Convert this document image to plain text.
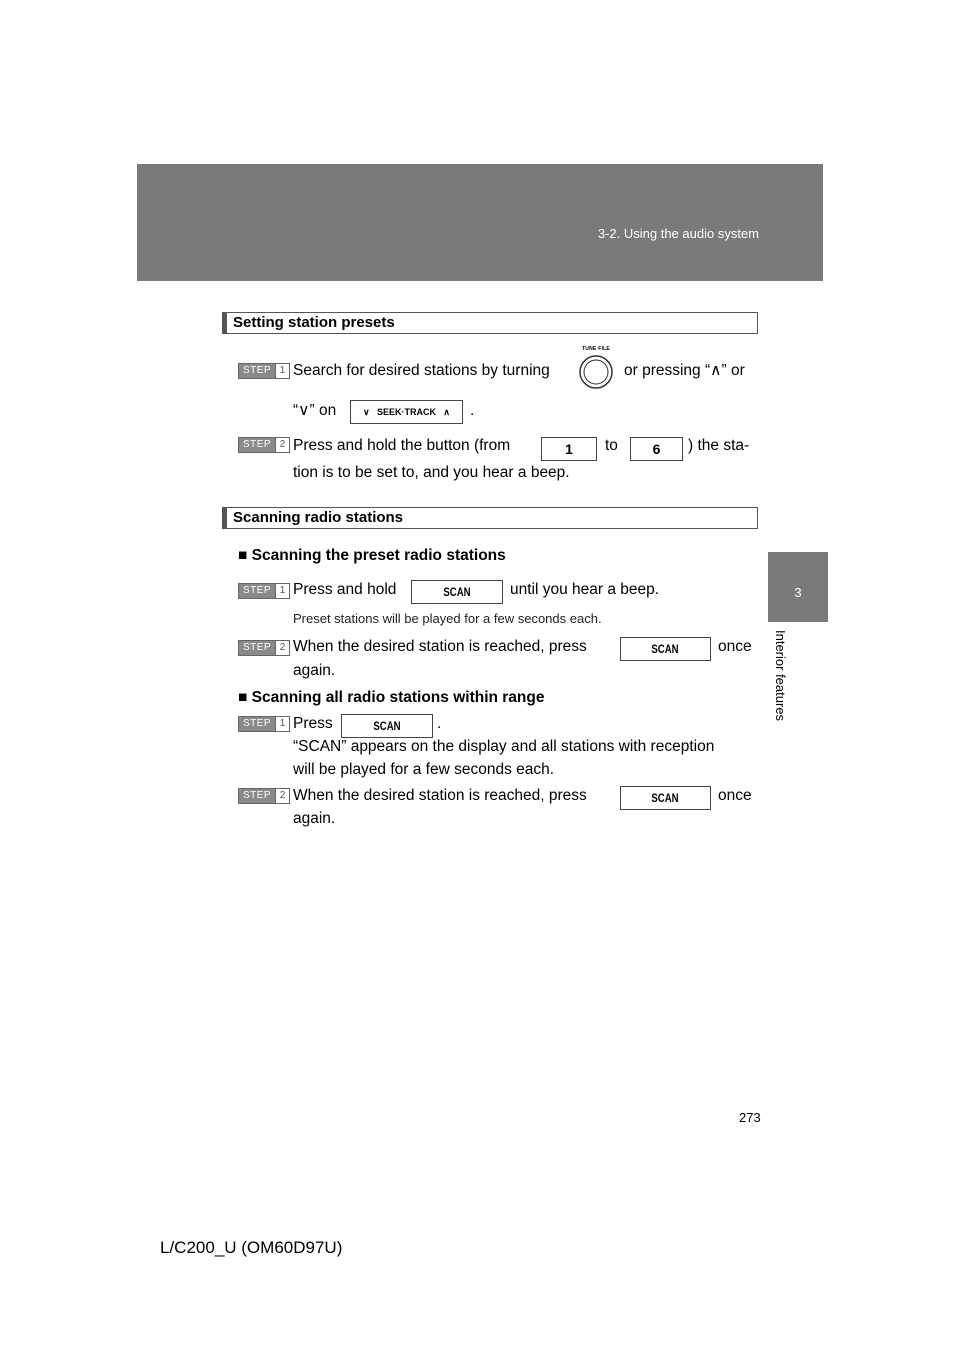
3-2. Using the audio system
3
Interior features
Setting station presets
STEP 1 Search for desired stations by turning
TUNE·FILE
or pressing “∧” or
“∨” on	∨ SEEK·TRACK ∧ .
STEP 2 Press and hold the button (from	1	to	6	) the sta-
tion is to be set to, and you hear a beep.
Scanning radio stations
■ Scanning the preset radio stations
STEP 1 Press and hold	SCAN	until you hear a beep.
Preset stations will be played for a few seconds each.
STEP 2 When the desired station is reached, press	SCAN	once
again.
■ Scanning all radio stations within range
STEP 1 Press	SCAN	.
“SCAN” appears on the display and all stations with reception
will be played for a few seconds each.
STEP 2 When the desired station is reached, press	SCAN	once
again.
273
L/C200_U (OM60D97U)
